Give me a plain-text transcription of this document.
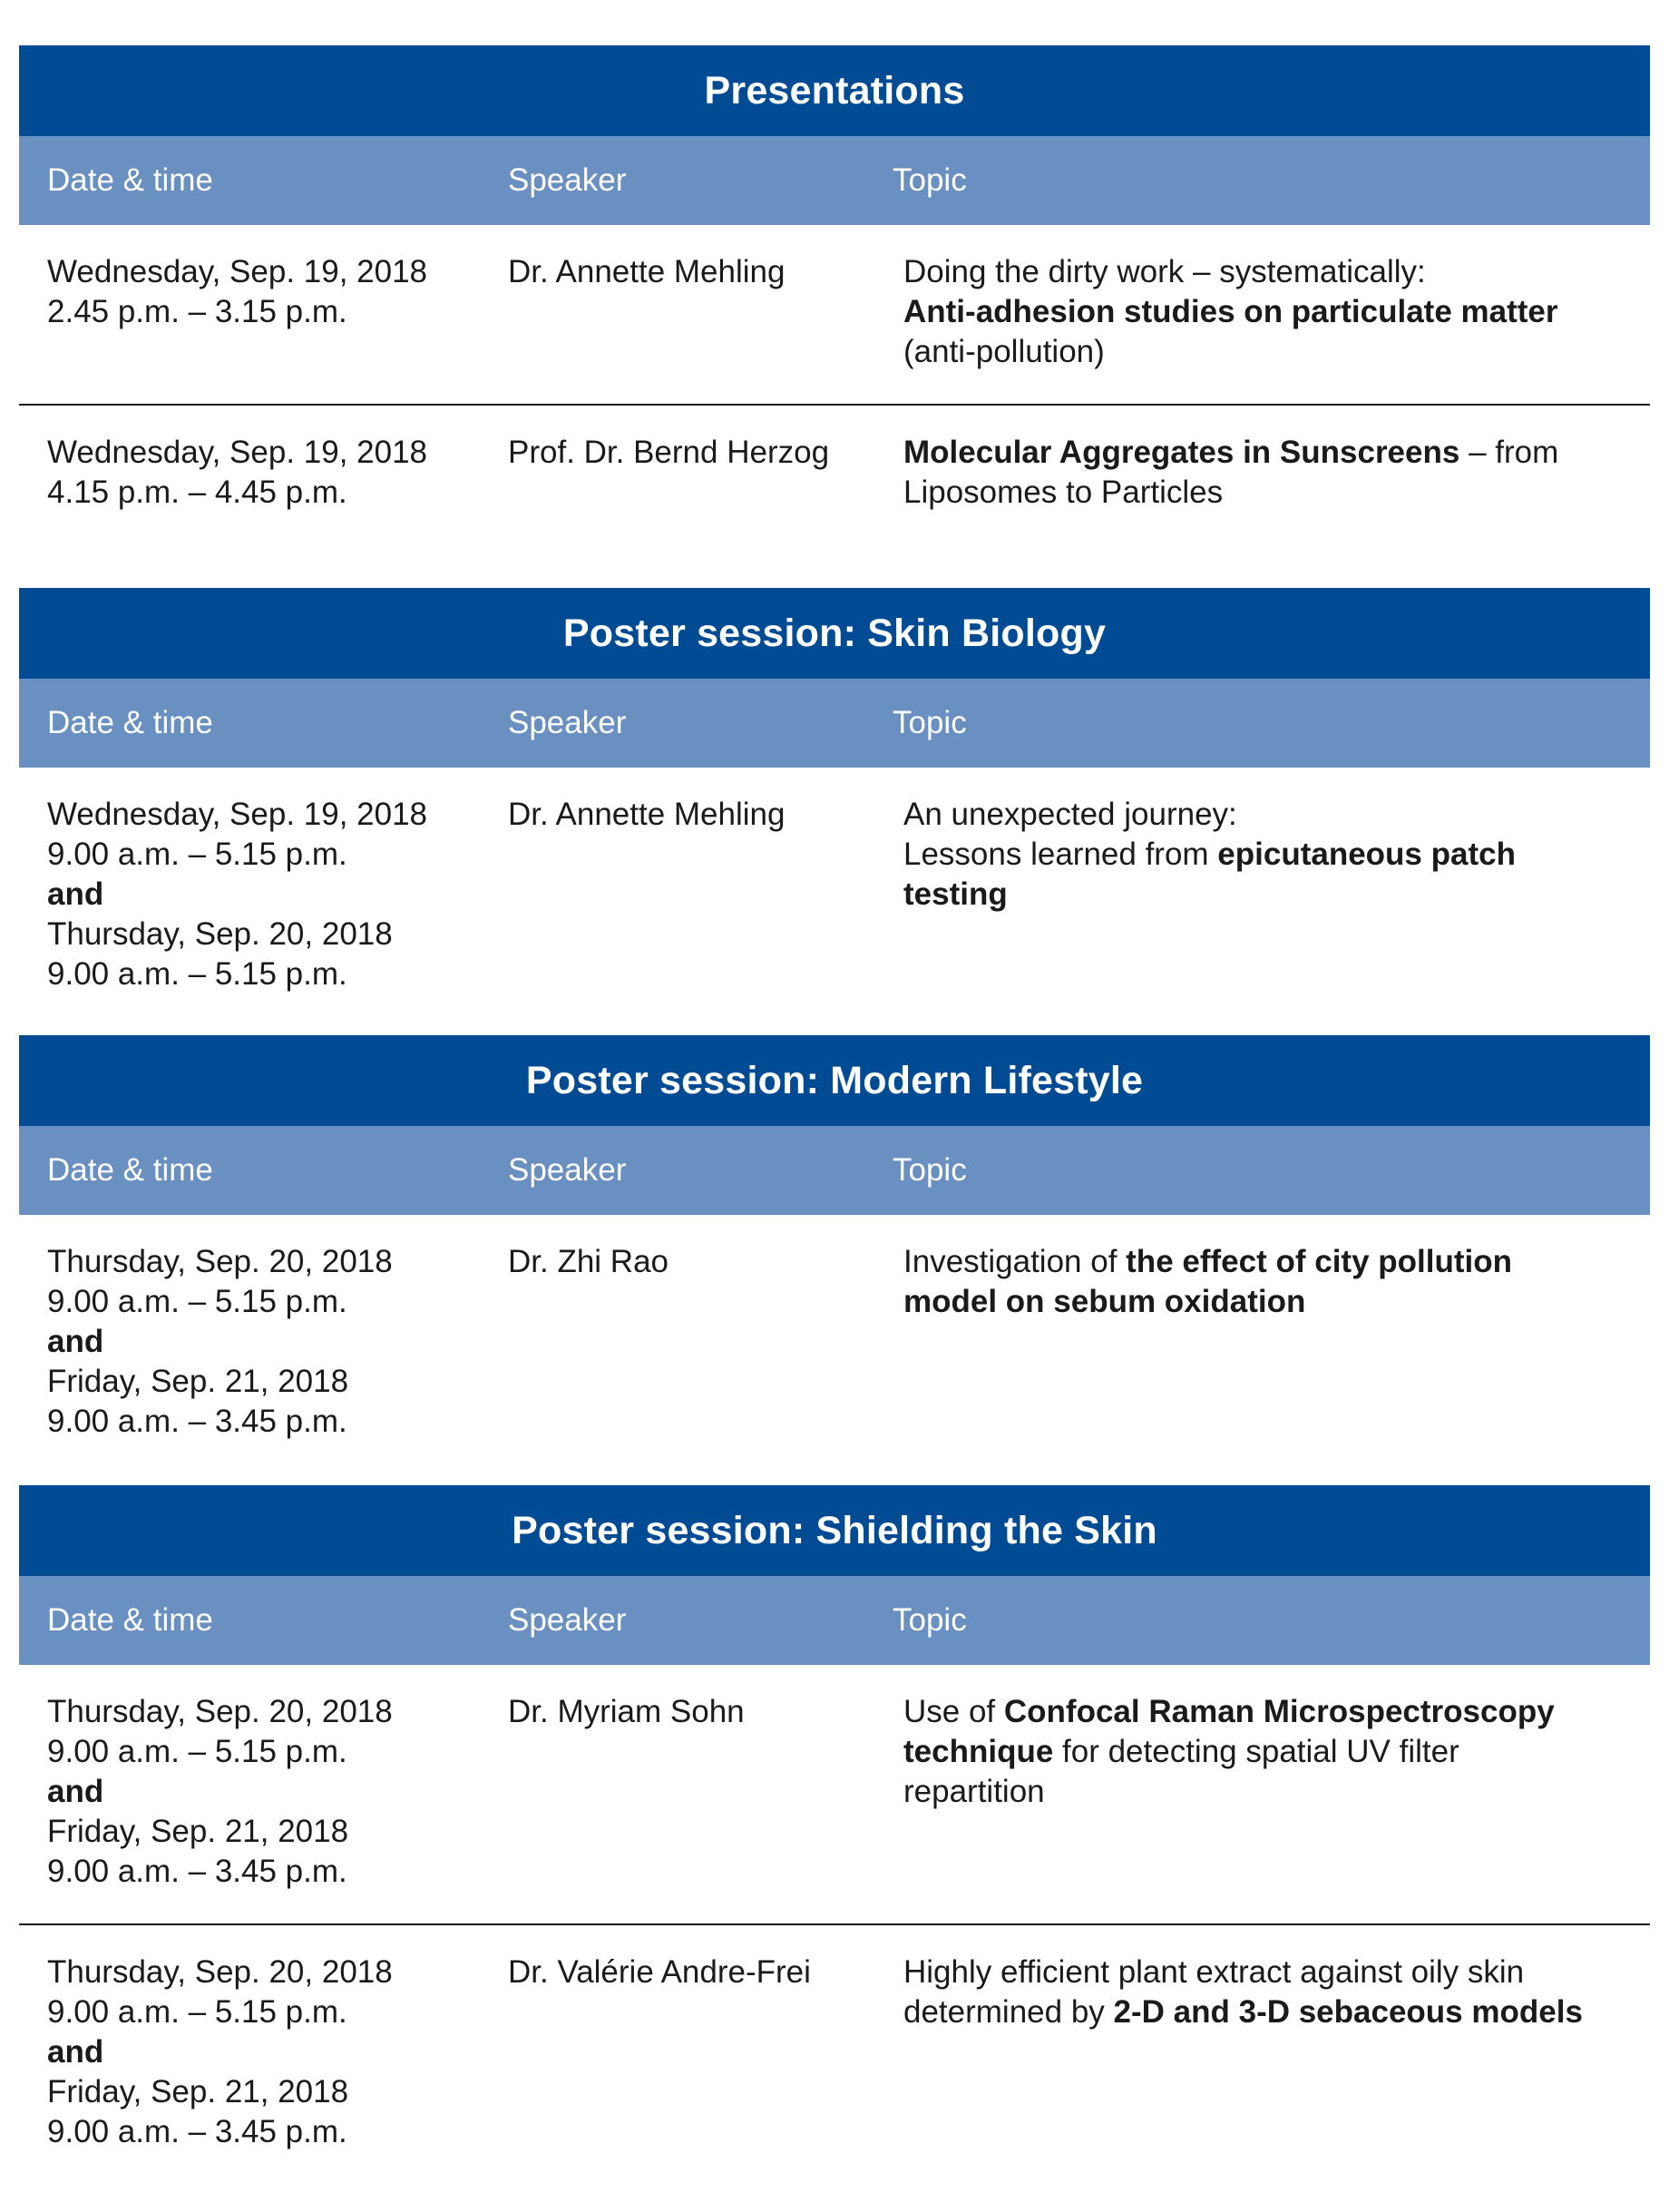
Presentations
Date & time	Speaker	Topic
Wednesday, Sep. 19, 2018
2.45 p.m. – 3.15 p.m.
Dr. Annette Mehling	Doing the dirty work – systematically:
Anti-adhesion studies on particulate matter
(anti-pollution)
Wednesday, Sep. 19, 2018
4.15 p.m. – 4.45 p.m.
Prof. Dr. Bernd Herzog	Molecular Aggregates in Sunscreens – from
Liposomes to Particles
Poster session: Skin Biology
Date & time	Speaker	Topic
Wednesday, Sep. 19, 2018
9.00 a.m. – 5.15 p.m.
and
Thursday, Sep. 20, 2018
9.00 a.m. – 5.15 p.m.
Dr. Annette Mehling	An unexpected journey:
Lessons learned from epicutaneous patch
testing
Poster session: Modern Lifestyle
Date & time	Speaker	Topic
Thursday, Sep. 20, 2018
9.00 a.m. – 5.15 p.m.
and
Friday, Sep. 21, 2018
9.00 a.m. – 3.45 p.m.
Dr. Zhi Rao	Investigation of the effect of city pollution
model on sebum oxidation
Poster session: Shielding the Skin
Date & time	Speaker	Topic
Thursday, Sep. 20, 2018
9.00 a.m. – 5.15 p.m.
and
Friday, Sep. 21, 2018
9.00 a.m. – 3.45 p.m.
Dr. Myriam Sohn	Use of Confocal Raman Microspectroscopy
technique for detecting spatial UV filter
repartition
Thursday, Sep. 20, 2018
9.00 a.m. – 5.15 p.m.
and
Friday, Sep. 21, 2018
9.00 a.m. – 3.45 p.m.
Dr. Valérie Andre-Frei	Highly efficient plant extract against oily skin
determined by 2-D and 3-D sebaceous models
